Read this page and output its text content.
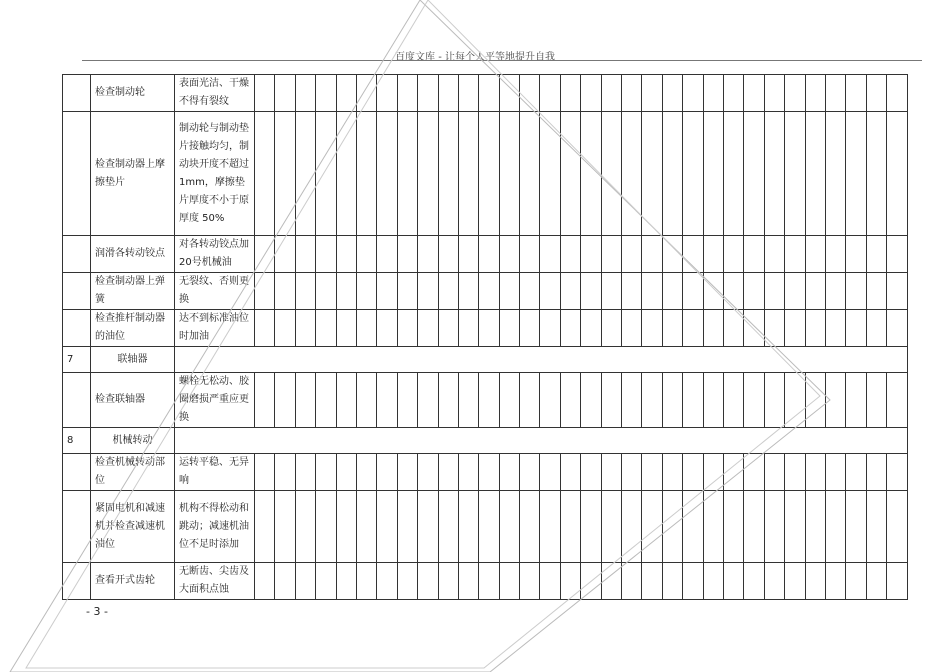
百度文库 - 让每个人平等地提升自我
	检查制动轮	表面光洁、干燥不得有裂纹																																
	检查制动器上摩擦垫片	制动轮与制动垫片接触均匀，制动块开度不超过 1mm，摩擦垫片厚度不小于原厚度 50%																																
	润滑各转动铰点	对各转动铰点加20号机械油																																
	检查制动器上弹簧	无裂纹、否则更换																																
	检查推杆制动器的油位	达不到标准油位时加油																																
7	联轴器																																	
	检查联轴器	螺栓无松动、胶圈磨损严重应更换																																
8	机械转动																																	
	检查机械转动部位	运转平稳、无异响																																
	紧固电机和减速机并检查减速机油位	机构不得松动和跳动；减速机油位不足时添加																																
	查看开式齿轮	无断齿、尖齿及大面积点蚀																																
- 3 -
